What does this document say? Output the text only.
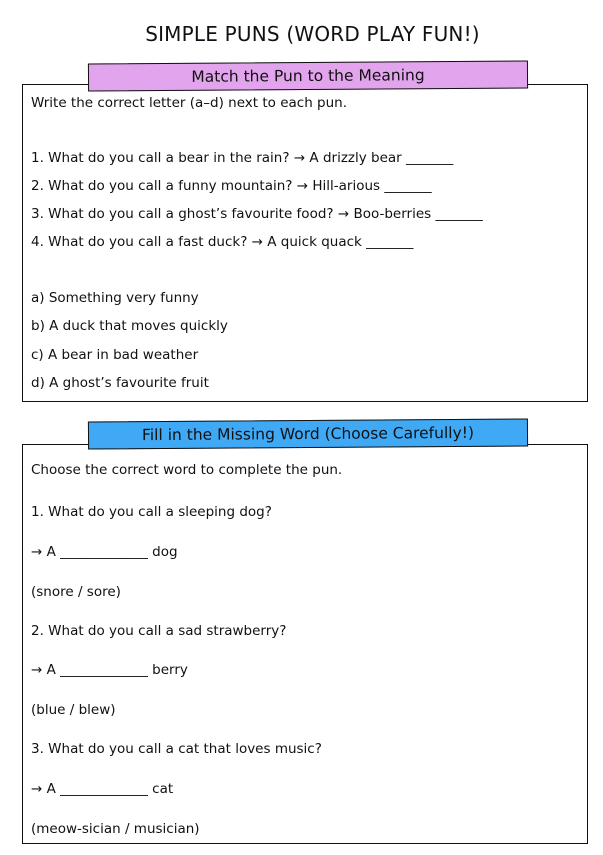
SIMPLE PUNS (WORD PLAY FUN!)
Match the Pun to the Meaning
Write the correct letter (a–d) next to each pun.
1. What do you call a bear in the rain? → A drizzly bear _______
2. What do you call a funny mountain? → Hill-arious _______
3. What do you call a ghost’s favourite food? → Boo-berries _______
4. What do you call a fast duck? → A quick quack _______
a) Something very funny
b) A duck that moves quickly
c) A bear in bad weather
d) A ghost’s favourite fruit
Fill in the Missing Word (Choose Carefully!)
Choose the correct word to complete the pun.
1. What do you call a sleeping dog?
→ A _____________ dog
(snore / sore)
2. What do you call a sad strawberry?
→ A _____________ berry
(blue / blew)
3. What do you call a cat that loves music?
→ A _____________ cat
(meow-sician / musician)
